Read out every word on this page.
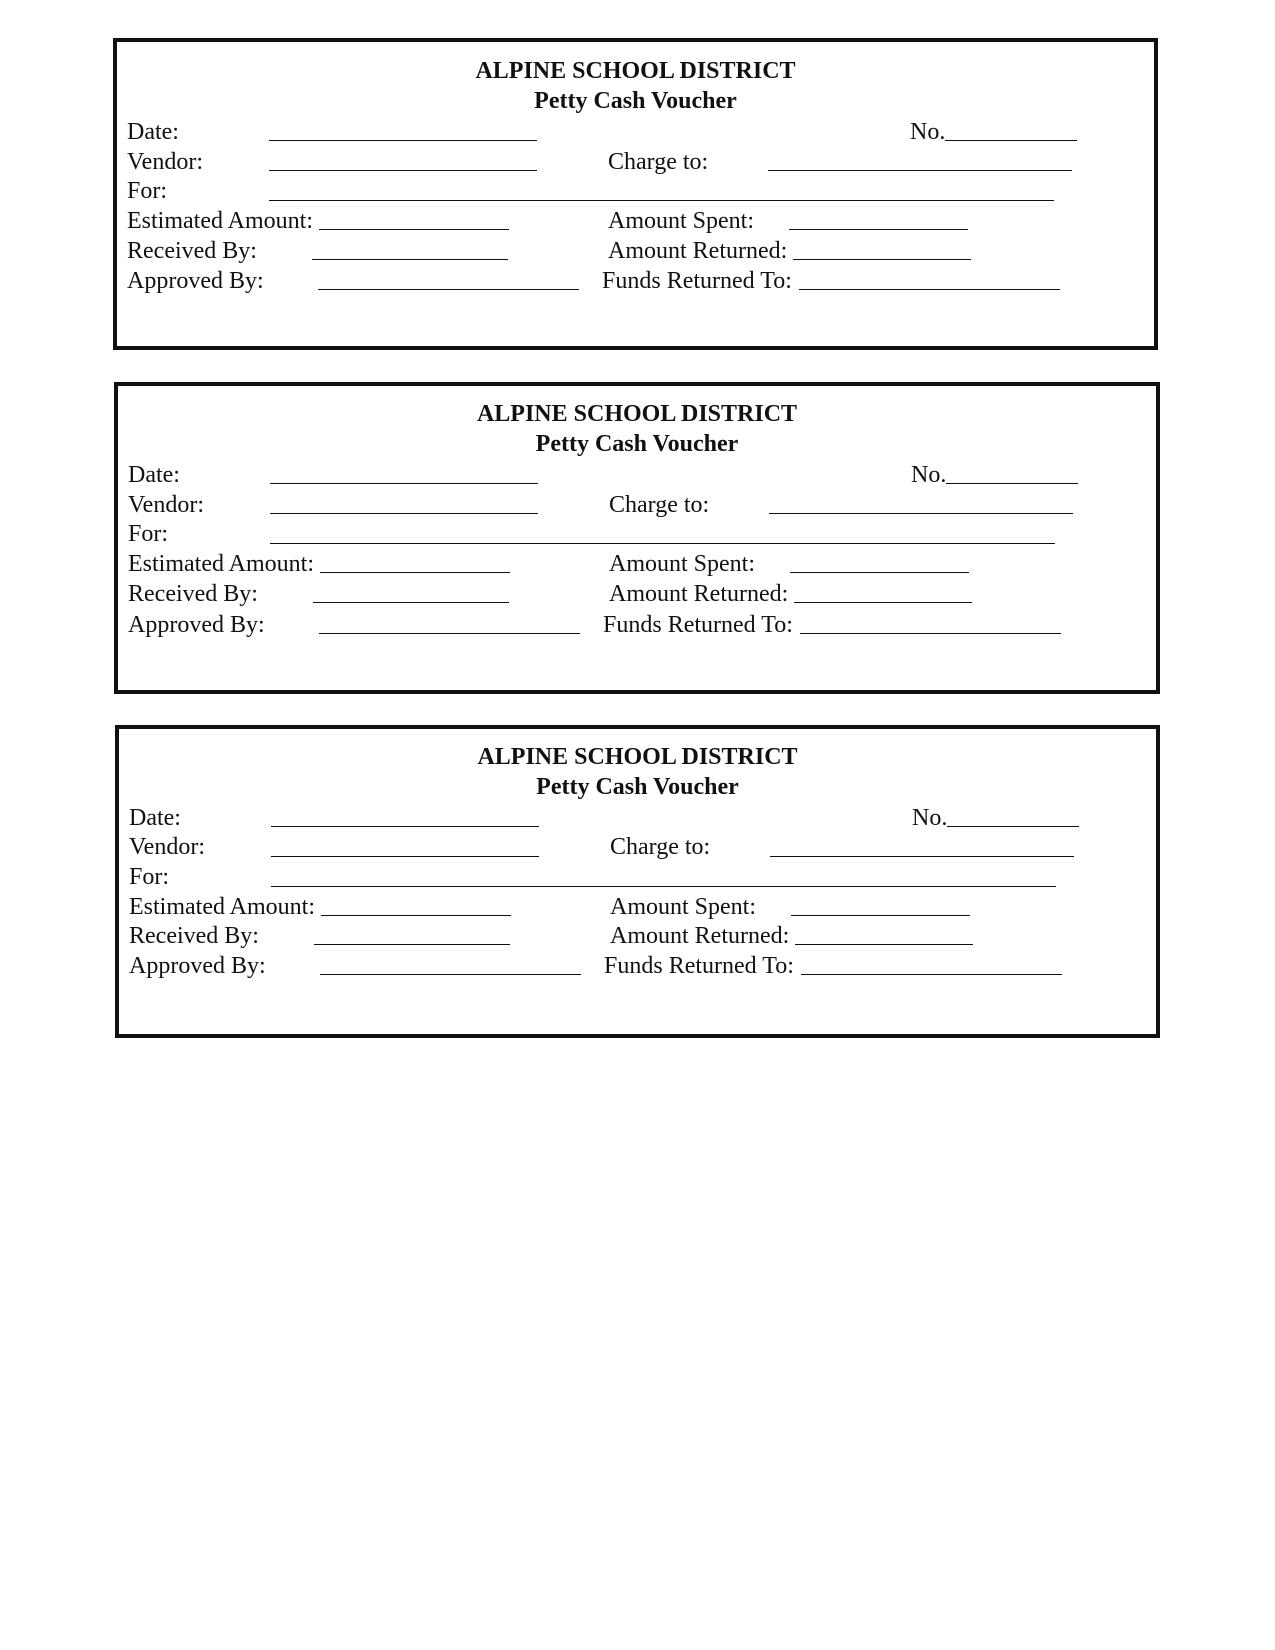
ALPINE SCHOOL DISTRICT
Petty Cash Voucher
Date:	No.
Vendor:	Charge to:
For:
Estimated Amount:	Amount Spent:
Received By:	Amount Returned:
Approved By:	Funds Returned To:
ALPINE SCHOOL DISTRICT
Petty Cash Voucher
Date:	No.
Vendor:	Charge to:
For:
Estimated Amount:	Amount Spent:
Received By:	Amount Returned:
Approved By:	Funds Returned To:
ALPINE SCHOOL DISTRICT
Petty Cash Voucher
Date:	No.
Vendor:	Charge to:
For:
Estimated Amount:	Amount Spent:
Received By:	Amount Returned:
Approved By:	Funds Returned To:
